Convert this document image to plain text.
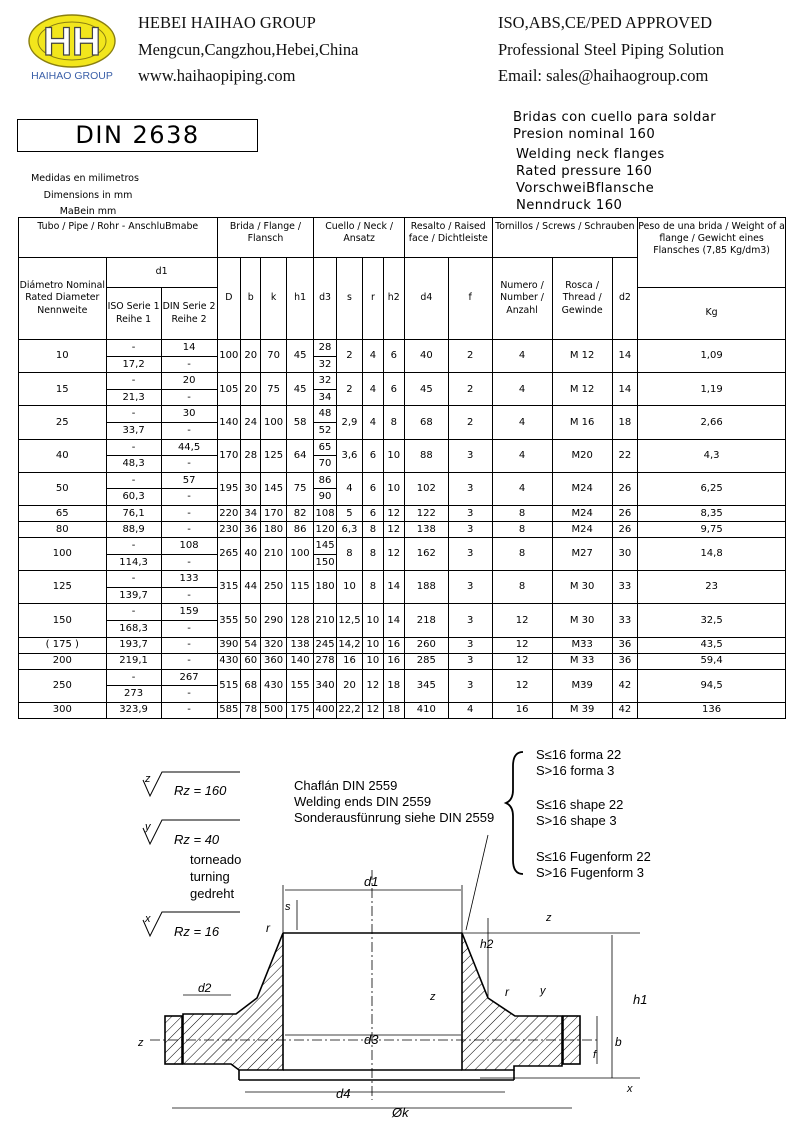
HH
HAIHAO GROUP
HEBEI HAIHAO GROUP
Mengcun,Cangzhou,Hebei,China
www.haihaopiping.com
ISO,ABS,CE/PED APPROVED
Professional Steel Piping Solution
Email: sales@haihaogroup.com
DIN 2638
Bridas con cuello para soldar
Presion nominal 160
Welding neck flanges
Rated pressure 160
VorschweiBflansche
Nenndruck 160
Medidas en milimetros
Dimensions in mm
MaBein mm
Tubo / Pipe / Rohr - AnschluBmabe			Brida / Flange / Flansch				Cuello / Neck / Ansatz				Resalto / Raised face / Dichtleiste		Tornillos / Screws / Schrauben			Peso de una brida / Weight of a flange / Gewicht eines Flansches (7,85 Kg/dm3)
Diámetro Nominal Rated Diameter Nennweite	d1		D	b	k	h1	d3	s	r	h2	d4	f	Numero / Number / Anzahl	Rosca / Thread / Gewinde	d2	
	ISO Serie 1 Reihe 1	DIN Serie 2 Reihe 2														Kg
10	-	14	100	20	70	45	28	2	4	6	40	2	4	M 12	14	1,09
	17,2	-					32									
15	-	20	105	20	75	45	32	2	4	6	45	2	4	M 12	14	1,19
	21,3	-					34									
25	-	30	140	24	100	58	48	2,9	4	8	68	2	4	M 16	18	2,66
	33,7	-					52									
40	-	44,5	170	28	125	64	65	3,6	6	10	88	3	4	M20	22	4,3
	48,3	-					70									
50	-	57	195	30	145	75	86	4	6	10	102	3	4	M24	26	6,25
	60,3	-					90									
65	76,1	-	220	34	170	82	108	5	6	12	122	3	8	M24	26	8,35
80	88,9	-	230	36	180	86	120	6,3	8	12	138	3	8	M24	26	9,75
100	-	108	265	40	210	100	145	8	8	12	162	3	8	M27	30	14,8
	114,3	-					150									
125	-	133	315	44	250	115	180	10	8	14	188	3	8	M 30	33	23
	139,7	-														
150	-	159	355	50	290	128	210	12,5	10	14	218	3	12	M 30	33	32,5
	168,3	-														
( 175 )	193,7	-	390	54	320	138	245	14,2	10	16	260	3	12	M33	36	43,5
200	219,1	-	430	60	360	140	278	16	10	16	285	3	12	M 33	36	59,4
250	-	267	515	68	430	155	340	20	12	18	345	3	12	M39	42	94,5
	273	-														
300	323,9	-	585	78	500	175	400	22,2	12	18	410	4	16	M 39	42	136
z
Rz = 160
y
Rz = 40
torneado
turning
gedreht
x
Rz = 16
Chaflán DIN 2559
Welding ends DIN 2559
Sonderausfünrung siehe DIN 2559
S≤16 forma 22
S>16 forma 3
S≤16 shape 22
S>16 shape 3
S≤16 Fugenform 22
S>16 Fugenform 3
d1
d2
d3
d4
Øk
s
r
r	h1
h2
b
f
x
z
z
z	y
